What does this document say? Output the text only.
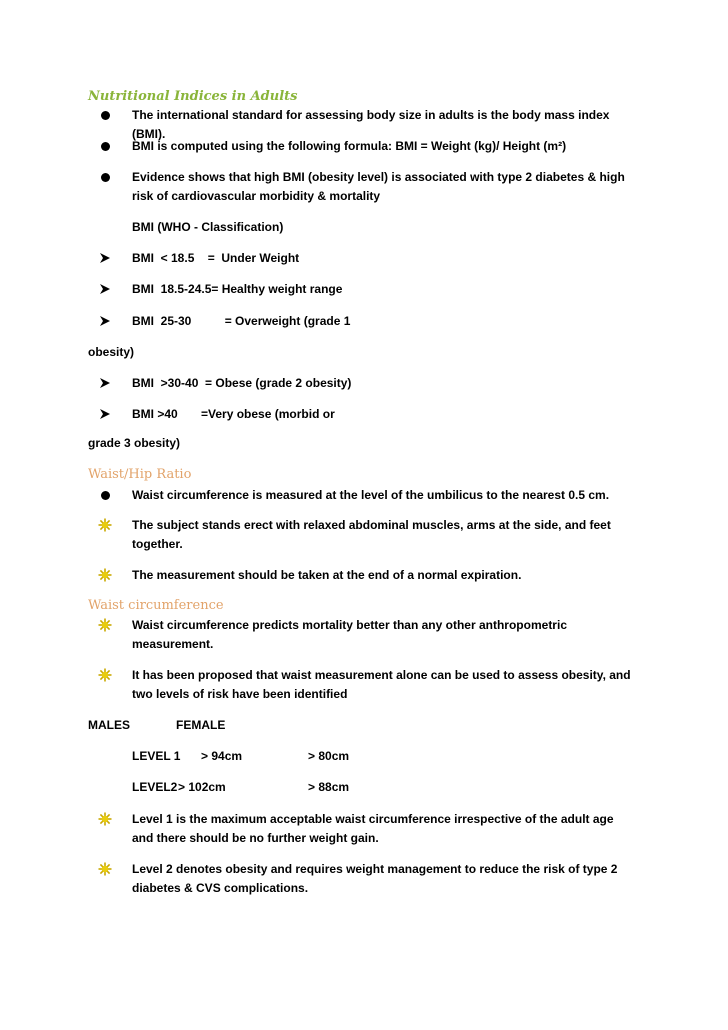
Nutritional Indices in Adults
The international standard for assessing body size in adults is the body mass index (BMI).
BMI is computed using the following formula: BMI = Weight (kg)/ Height (m²)
Evidence shows that high BMI (obesity level) is associated with type 2 diabetes & high risk of cardiovascular morbidity & mortality
BMI (WHO - Classification)
BMI  < 18.5    =  Under Weight
BMI  18.5-24.5= Healthy weight range
BMI  25-30          = Overweight (grade 1
obesity)
BMI  >30-40  = Obese (grade 2 obesity)
BMI >40       =Very obese (morbid or
grade 3 obesity)
Waist/Hip Ratio
Waist circumference is measured at the level of the umbilicus to the nearest 0.5 cm.
The subject stands erect with relaxed abdominal muscles, arms at the side, and feet together.
The measurement should be taken at the end of a normal expiration.
Waist circumference
Waist circumference predicts mortality better than any other anthropometric measurement.
It has been proposed that waist measurement alone can be used to assess obesity, and two levels of risk have been identified
MALES	FEMALE
LEVEL 1 > 94cm	> 80cm
LEVEL2 > 102cm	> 88cm
Level 1 is the maximum acceptable waist circumference irrespective of the adult age and there should be no further weight gain.
Level 2 denotes obesity and requires weight management to reduce the risk of type 2 diabetes & CVS complications.
